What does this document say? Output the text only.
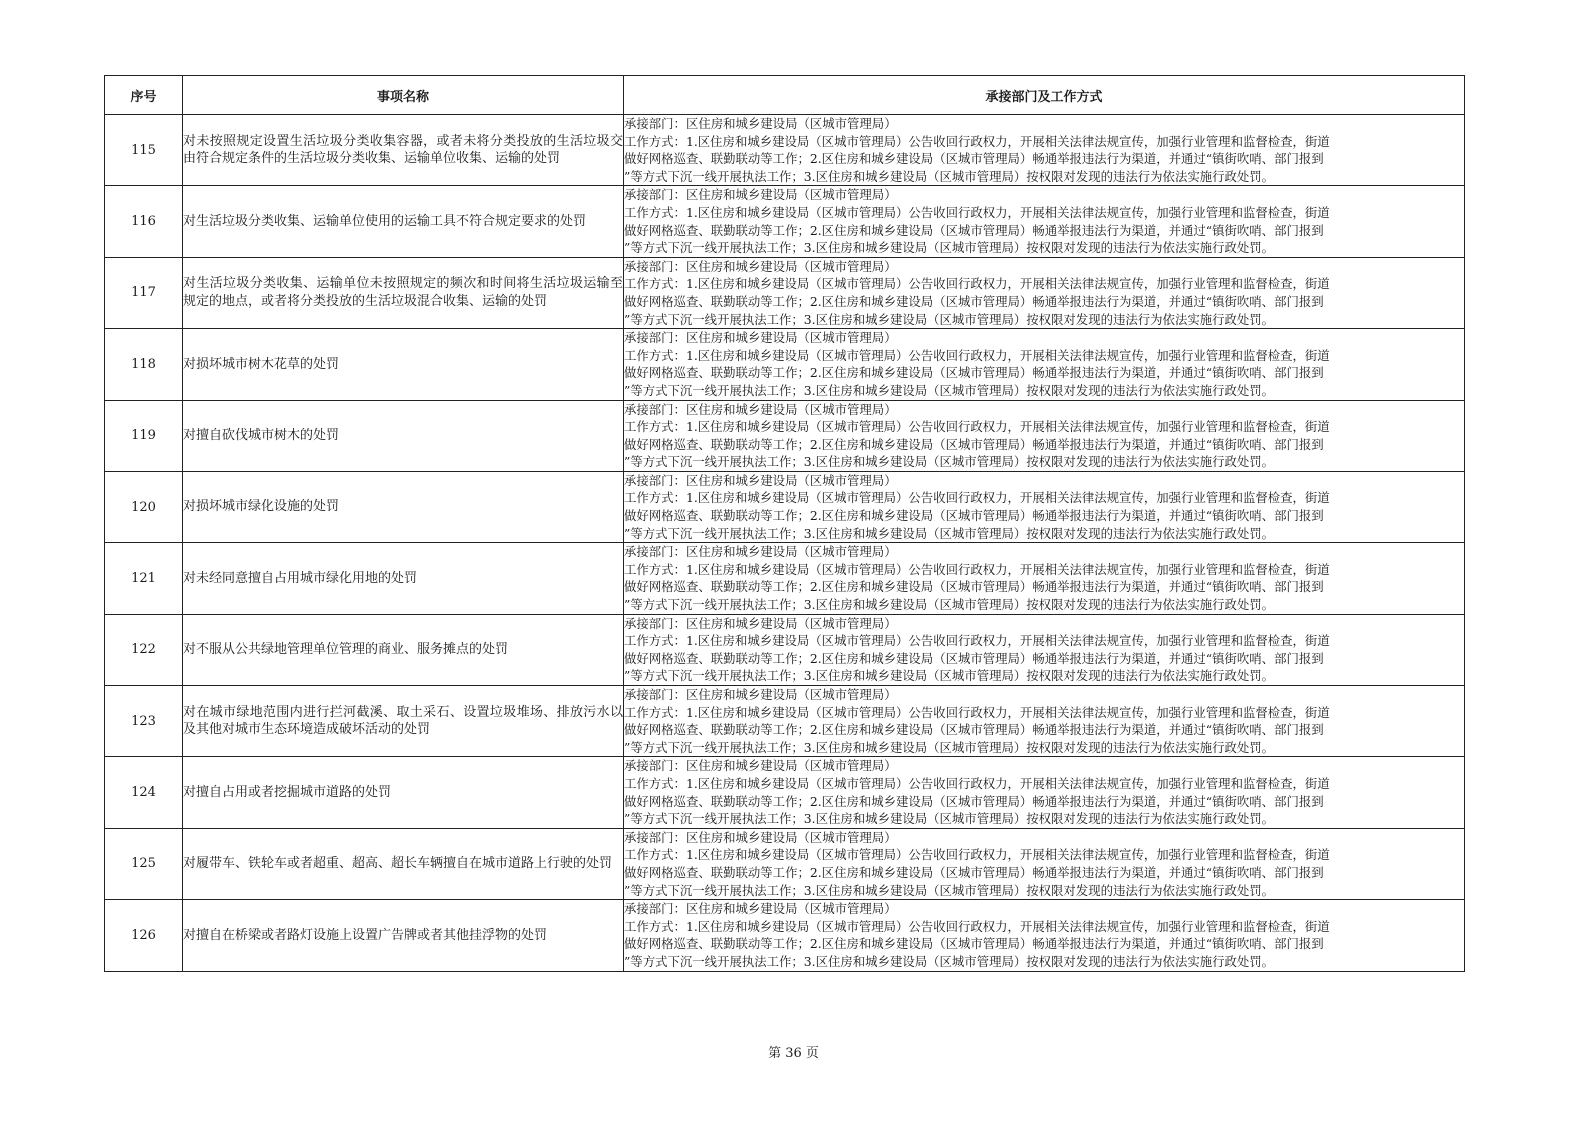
序号	事项名称	承接部门及工作方式
115	对未按照规定设置生活垃圾分类收集容器，或者未将分类投放的生活垃圾交由符合规定条件的生活垃圾分类收集、运输单位收集、运输的处罚	承接部门：区住房和城乡建设局（区城市管理局）
工作方式：1.区住房和城乡建设局（区城市管理局）公告收回行政权力，开展相关法律法规宣传，加强行业管理和监督检查，街道
做好网格巡查、联勤联动等工作；2.区住房和城乡建设局（区城市管理局）畅通举报违法行为渠道，并通过“镇街吹哨、部门报到
”等方式下沉一线开展执法工作；3.区住房和城乡建设局（区城市管理局）按权限对发现的违法行为依法实施行政处罚。

116	对生活垃圾分类收集、运输单位使用的运输工具不符合规定要求的处罚	承接部门：区住房和城乡建设局（区城市管理局）
工作方式：1.区住房和城乡建设局（区城市管理局）公告收回行政权力，开展相关法律法规宣传，加强行业管理和监督检查，街道
做好网格巡查、联勤联动等工作；2.区住房和城乡建设局（区城市管理局）畅通举报违法行为渠道，并通过“镇街吹哨、部门报到
”等方式下沉一线开展执法工作；3.区住房和城乡建设局（区城市管理局）按权限对发现的违法行为依法实施行政处罚。

117	对生活垃圾分类收集、运输单位未按照规定的频次和时间将生活垃圾运输至规定的地点，或者将分类投放的生活垃圾混合收集、运输的处罚	承接部门：区住房和城乡建设局（区城市管理局）
工作方式：1.区住房和城乡建设局（区城市管理局）公告收回行政权力，开展相关法律法规宣传，加强行业管理和监督检查，街道
做好网格巡查、联勤联动等工作；2.区住房和城乡建设局（区城市管理局）畅通举报违法行为渠道，并通过“镇街吹哨、部门报到
”等方式下沉一线开展执法工作；3.区住房和城乡建设局（区城市管理局）按权限对发现的违法行为依法实施行政处罚。

118	对损坏城市树木花草的处罚	承接部门：区住房和城乡建设局（区城市管理局）
工作方式：1.区住房和城乡建设局（区城市管理局）公告收回行政权力，开展相关法律法规宣传，加强行业管理和监督检查，街道
做好网格巡查、联勤联动等工作；2.区住房和城乡建设局（区城市管理局）畅通举报违法行为渠道，并通过“镇街吹哨、部门报到
”等方式下沉一线开展执法工作；3.区住房和城乡建设局（区城市管理局）按权限对发现的违法行为依法实施行政处罚。

119	对擅自砍伐城市树木的处罚	承接部门：区住房和城乡建设局（区城市管理局）
工作方式：1.区住房和城乡建设局（区城市管理局）公告收回行政权力，开展相关法律法规宣传，加强行业管理和监督检查，街道
做好网格巡查、联勤联动等工作；2.区住房和城乡建设局（区城市管理局）畅通举报违法行为渠道，并通过“镇街吹哨、部门报到
”等方式下沉一线开展执法工作；3.区住房和城乡建设局（区城市管理局）按权限对发现的违法行为依法实施行政处罚。

120	对损坏城市绿化设施的处罚	承接部门：区住房和城乡建设局（区城市管理局）
工作方式：1.区住房和城乡建设局（区城市管理局）公告收回行政权力，开展相关法律法规宣传，加强行业管理和监督检查，街道
做好网格巡查、联勤联动等工作；2.区住房和城乡建设局（区城市管理局）畅通举报违法行为渠道，并通过“镇街吹哨、部门报到
”等方式下沉一线开展执法工作；3.区住房和城乡建设局（区城市管理局）按权限对发现的违法行为依法实施行政处罚。

121	对未经同意擅自占用城市绿化用地的处罚	承接部门：区住房和城乡建设局（区城市管理局）
工作方式：1.区住房和城乡建设局（区城市管理局）公告收回行政权力，开展相关法律法规宣传，加强行业管理和监督检查，街道
做好网格巡查、联勤联动等工作；2.区住房和城乡建设局（区城市管理局）畅通举报违法行为渠道，并通过“镇街吹哨、部门报到
”等方式下沉一线开展执法工作；3.区住房和城乡建设局（区城市管理局）按权限对发现的违法行为依法实施行政处罚。

122	对不服从公共绿地管理单位管理的商业、服务摊点的处罚	承接部门：区住房和城乡建设局（区城市管理局）
工作方式：1.区住房和城乡建设局（区城市管理局）公告收回行政权力，开展相关法律法规宣传，加强行业管理和监督检查，街道
做好网格巡查、联勤联动等工作；2.区住房和城乡建设局（区城市管理局）畅通举报违法行为渠道，并通过“镇街吹哨、部门报到
”等方式下沉一线开展执法工作；3.区住房和城乡建设局（区城市管理局）按权限对发现的违法行为依法实施行政处罚。

123	对在城市绿地范围内进行拦河截溪、取土采石、设置垃圾堆场、排放污水以及其他对城市生态环境造成破坏活动的处罚	承接部门：区住房和城乡建设局（区城市管理局）
工作方式：1.区住房和城乡建设局（区城市管理局）公告收回行政权力，开展相关法律法规宣传，加强行业管理和监督检查，街道
做好网格巡查、联勤联动等工作；2.区住房和城乡建设局（区城市管理局）畅通举报违法行为渠道，并通过“镇街吹哨、部门报到
”等方式下沉一线开展执法工作；3.区住房和城乡建设局（区城市管理局）按权限对发现的违法行为依法实施行政处罚。

124	对擅自占用或者挖掘城市道路的处罚	承接部门：区住房和城乡建设局（区城市管理局）
工作方式：1.区住房和城乡建设局（区城市管理局）公告收回行政权力，开展相关法律法规宣传，加强行业管理和监督检查，街道
做好网格巡查、联勤联动等工作；2.区住房和城乡建设局（区城市管理局）畅通举报违法行为渠道，并通过“镇街吹哨、部门报到
”等方式下沉一线开展执法工作；3.区住房和城乡建设局（区城市管理局）按权限对发现的违法行为依法实施行政处罚。

125	对履带车、铁轮车或者超重、超高、超长车辆擅自在城市道路上行驶的处罚	承接部门：区住房和城乡建设局（区城市管理局）
工作方式：1.区住房和城乡建设局（区城市管理局）公告收回行政权力，开展相关法律法规宣传，加强行业管理和监督检查，街道
做好网格巡查、联勤联动等工作；2.区住房和城乡建设局（区城市管理局）畅通举报违法行为渠道，并通过“镇街吹哨、部门报到
”等方式下沉一线开展执法工作；3.区住房和城乡建设局（区城市管理局）按权限对发现的违法行为依法实施行政处罚。

126	对擅自在桥梁或者路灯设施上设置广告牌或者其他挂浮物的处罚	承接部门：区住房和城乡建设局（区城市管理局）
工作方式：1.区住房和城乡建设局（区城市管理局）公告收回行政权力，开展相关法律法规宣传，加强行业管理和监督检查，街道
做好网格巡查、联勤联动等工作；2.区住房和城乡建设局（区城市管理局）畅通举报违法行为渠道，并通过“镇街吹哨、部门报到
”等方式下沉一线开展执法工作；3.区住房和城乡建设局（区城市管理局）按权限对发现的违法行为依法实施行政处罚。
第 36 页
